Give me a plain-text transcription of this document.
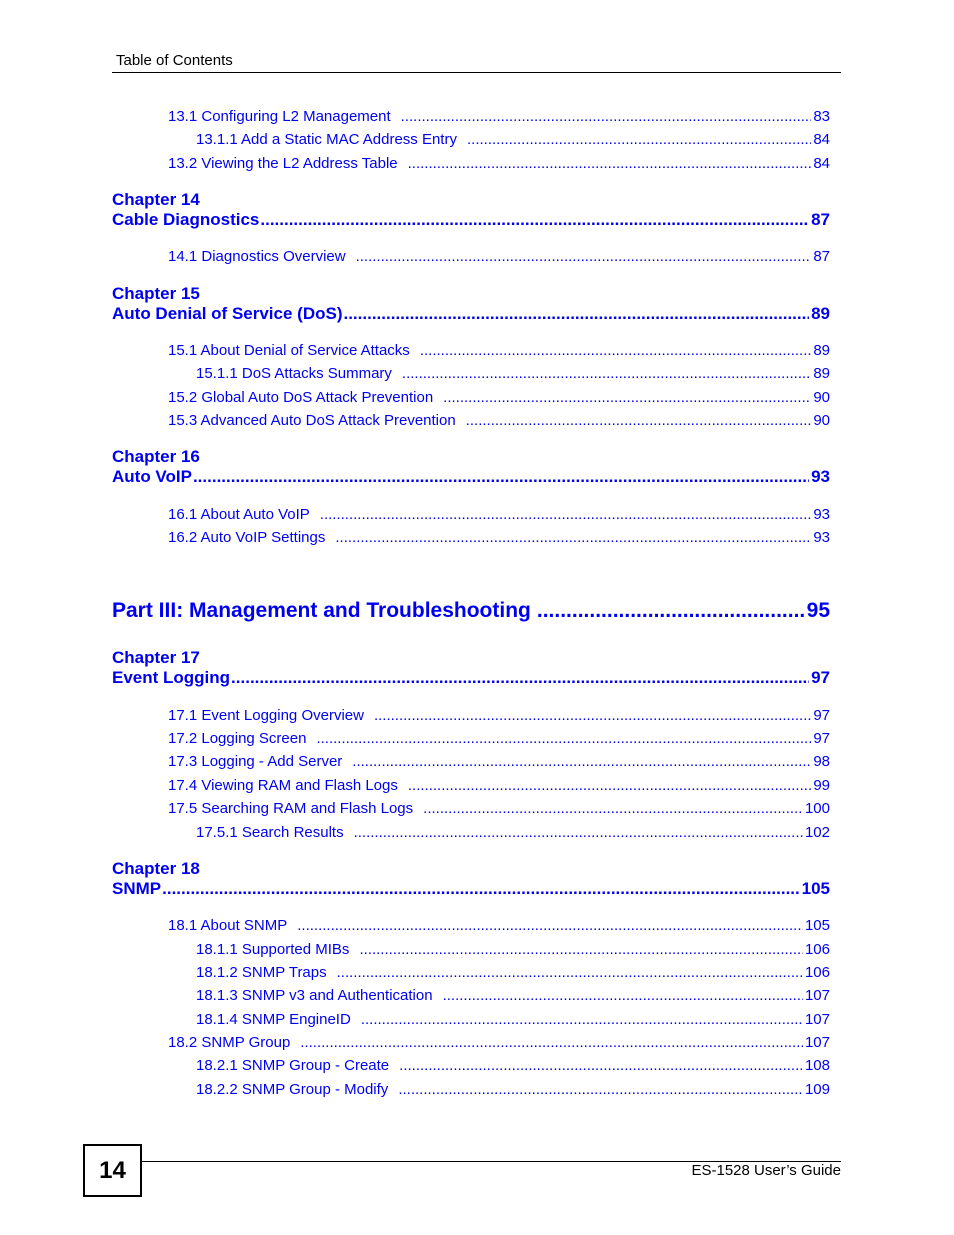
Table of Contents
13.1 Configuring L2 Management .....	83
13.1.1 Add a Static MAC Address Entry .....	84
13.2 Viewing the L2 Address Table .....	84
Chapter 14
Cable Diagnostics .....	87
14.1 Diagnostics Overview .....	87
Chapter 15
Auto Denial of Service (DoS) .....	89
15.1 About Denial of Service Attacks .....	89
15.1.1 DoS Attacks Summary .....	89
15.2 Global Auto DoS Attack Prevention .....	90
15.3 Advanced Auto DoS Attack Prevention .....	90
Chapter 16
Auto VoIP .....	93
16.1 About Auto VoIP .....	93
16.2 Auto VoIP Settings .....	93
Part III: Management and Troubleshooting .....	95
Chapter 17
Event Logging .....	97
17.1 Event Logging Overview .....	97
17.2 Logging Screen .....	97
17.3 Logging - Add Server .....	98
17.4 Viewing RAM and Flash Logs .....	99
17.5 Searching RAM and Flash Logs .....	100
17.5.1 Search Results .....	102
Chapter 18
SNMP .....	105
18.1 About SNMP .....	105
18.1.1 Supported MIBs .....	106
18.1.2 SNMP Traps .....	106
18.1.3 SNMP v3 and Authentication .....	107
18.1.4 SNMP EngineID .....	107
18.2 SNMP Group .....	107
18.2.1 SNMP Group - Create .....	108
18.2.2 SNMP Group - Modify .....	109
14	ES-1528 User’s Guide
